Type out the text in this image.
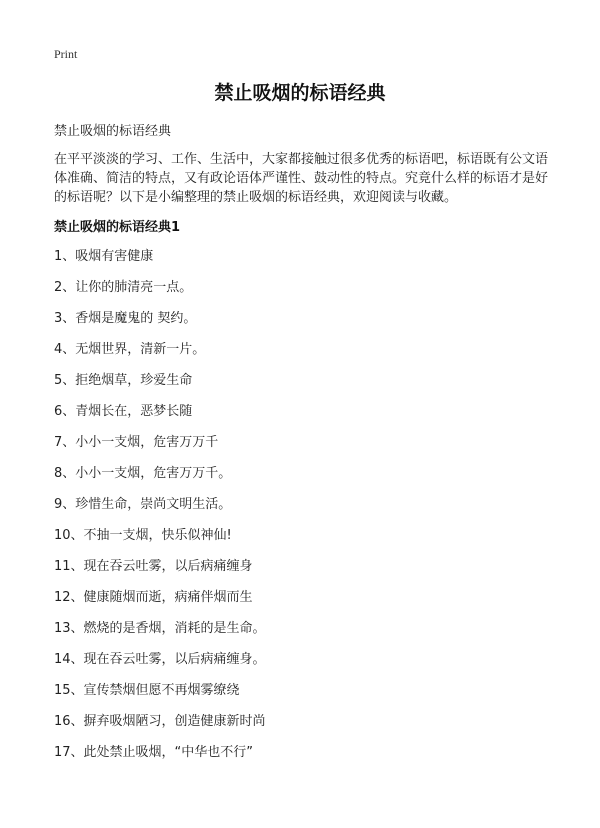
Print
禁止吸烟的标语经典
禁止吸烟的标语经典
在平平淡淡的学习、工作、生活中，大家都接触过很多优秀的标语吧，标语既有公文语体准确、简洁的特点，又有政论语体严谨性、鼓动性的特点。究竟什么样的标语才是好的标语呢？以下是小编整理的禁止吸烟的标语经典，欢迎阅读与收藏。
禁止吸烟的标语经典1
1、吸烟有害健康
2、让你的肺清亮一点。
3、香烟是魔鬼的 契约。
4、无烟世界，清新一片。
5、拒绝烟草，珍爱生命
6、青烟长在，恶梦长随
7、小小一支烟，危害万万千
8、小小一支烟，危害万万千。
9、珍惜生命，崇尚文明生活。
10、不抽一支烟，快乐似神仙!
11、现在吞云吐雾，以后病痛缠身
12、健康随烟而逝，病痛伴烟而生
13、燃烧的是香烟，消耗的是生命。
14、现在吞云吐雾，以后病痛缠身。
15、宣传禁烟但愿不再烟雾缭绕
16、摒弃吸烟陋习，创造健康新时尚
17、此处禁止吸烟，“中华也不行”
